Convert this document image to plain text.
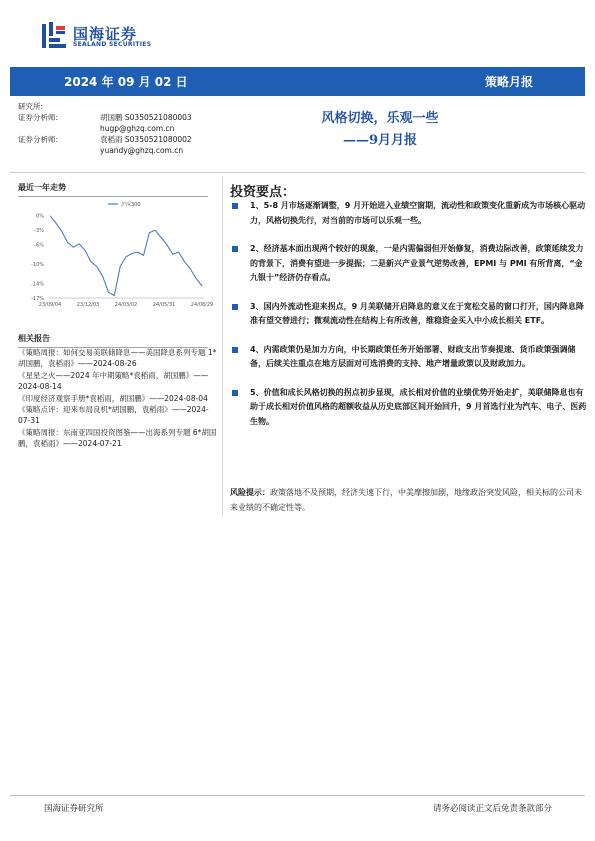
国海证券
SEALAND SECURITIES
2024 年 09 月 02 日	策略月报
研究所:
证券分析师:	胡国鹏 S0350521080003
hugp@ghzq.com.cn
证券分析师:	袁稻雨 S0350521080002
yuandy@ghzq.com.cn
风格切换，乐观一些
——9月月报
最近一年走势
0%
-3%
-6%
-10%
-14%
-17%
23/09/04	23/12/03	24/03/02	24/05/31	24/08/29
沪深300
相关报告
《策略周报：如何交易美联储降息——美国降息系列专题 1*胡国鹏，袁稻雨》——2024-08-26
《星星之火——2024 年中期策略*袁稻雨，胡国鹏》——2024-08-14
《印度经济观察手册*袁稻雨，胡国鹏》——2024-08-04
《策略点评：迎来布局良机*胡国鹏，袁稻雨》——2024-07-31
《策略周报：东南亚四国投资图鉴——出海系列专题 6*胡国鹏，袁稻雨》——2024-07-21
投资要点：
1、5-8 月市场逐渐调整，9 月开始进入业绩空窗期，流动性和政策变化重新成为市场核心驱动力，风格切换先行，对当前的市场可以乐观一些。
2、经济基本面出现两个较好的现象，一是内需偏弱但开始修复，消费边际改善，政策延续发力的背景下，消费有望进一步提振；二是新兴产业景气逆势改善，EPMI 与 PMI 有所背离，“金九银十”经济仍存看点。
3、国内外流动性迎来拐点，9 月美联储开启降息的意义在于宽松交易的窗口打开，国内降息降准有望交替进行；微观流动性在结构上有所改善，维稳资金买入中小成长相关 ETF。
4、内需政策仍是加力方向，中长期政策任务开始部署、财政支出节奏提速、货币政策强调储备，后续关注重点在地方层面对可选消费的支持、地产增量政策以及财政加力。
5、价值和成长风格切换的拐点初步显现，成长相对价值的业绩优势开始走扩，美联储降息也有助于成长相对价值风格的超额收益从历史底部区间开始回升，9 月首选行业为汽车、电子、医药生物。
风险提示：政策落地不及预期，经济失速下行，中美摩擦加剧，地缘政治突发风险，相关标的公司未来业绩的不确定性等。
国海证券研究所	请务必阅读正文后免责条款部分
